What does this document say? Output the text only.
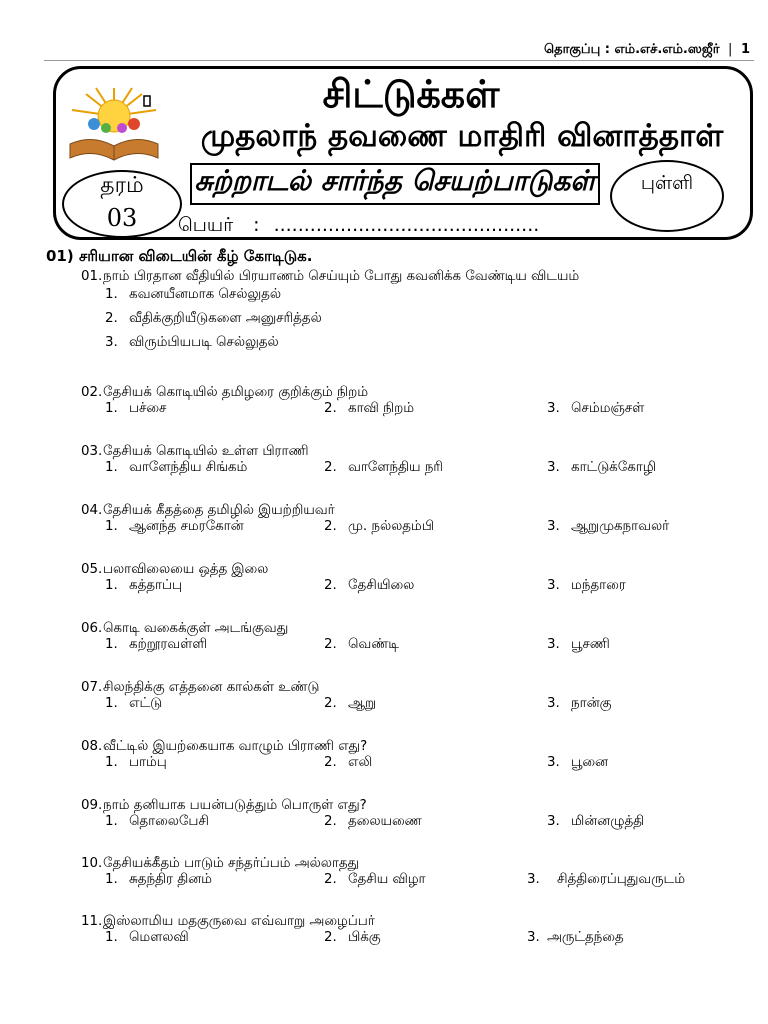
தொகுப்பு : எம்.எச்.எம்.ஸஜீர் | 1
சிட்டுக்கள்
முதலாந் தவணை மாதிரி வினாத்தாள்
சுற்றாடல் சார்ந்த செயற்பாடுகள்
தரம்
03
புள்ளி
பெயர் : ............................................
01) சரியான விடையின் கீழ் கோடிடுக.
01. நாம் பிரதான வீதியில் பிரயாணம் செய்யும் போது கவனிக்க வேண்டிய விடயம்
1. கவனயீனமாக செல்லுதல்
2. வீதிக்குறியீடுகளை அனுசரித்தல்
3. விரும்பியபடி செல்லுதல்
02. தேசியக் கொடியில் தமிழரை குறிக்கும் நிறம்
1. பச்சை	2. காவி நிறம்	3. செம்மஞ்சள்
03. தேசியக் கொடியில் உள்ள பிராணி
1. வாளேந்திய சிங்கம்	2. வாளேந்திய நரி	3. காட்டுக்கோழி
04. தேசியக் கீதத்தை தமிழில் இயற்றியவர்
1. ஆனந்த சமரகோன்	2. மு. நல்லதம்பி	3. ஆறுமுகநாவலர்
05. பலாவிலையை ஒத்த இலை
1. கத்தாப்பு	2. தேசியிலை	3. மந்தாரை
06. கொடி வகைக்குள் அடங்குவது
1. கற்றூரவள்ளி	2. வெண்டி	3. பூசணி
07. சிலந்திக்கு எத்தனை கால்கள் உண்டு
1. எட்டு	2. ஆறு	3. நான்கு
08. வீட்டில் இயற்கையாக வாழும் பிராணி எது?
1. பாம்பு	2. எலி	3. பூனை
09. நாம் தனியாக பயன்படுத்தும் பொருள் எது?
1. தொலைபேசி	2. தலையணை	3. மின்னழுத்தி
10. தேசியக்கீதம் பாடும் சந்தர்ப்பம் அல்லாதது
1. சுதந்திர தினம்	2. தேசிய விழா	3. சித்திரைப்புதுவருடம்
11. இஸ்லாமிய மதகுருவை எவ்வாறு அழைப்பர்
1. மௌலவி	2. பிக்கு	3. அருட்தந்தை
